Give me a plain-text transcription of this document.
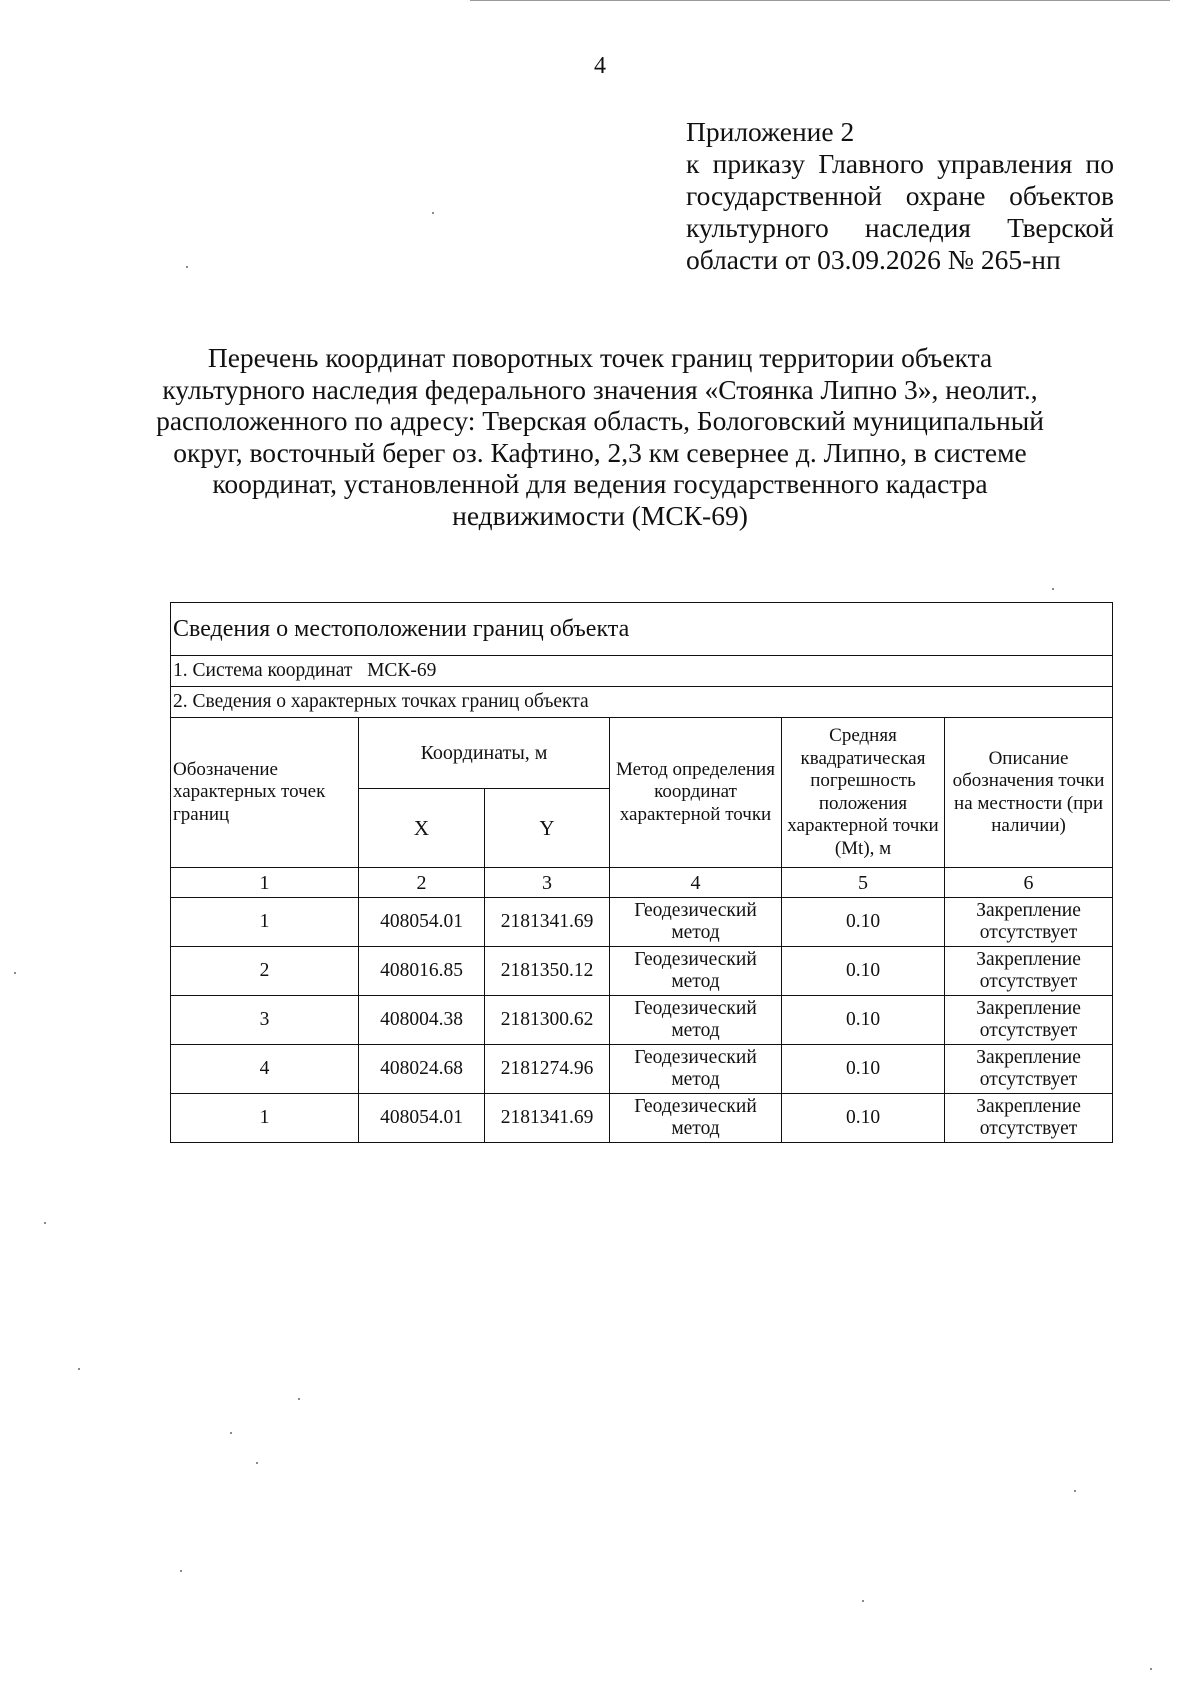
4
Приложение 2
к приказу Главного управления по
государственной охране объектов
культурного наследия Тверской
области от 03.09.2026 № 265-нп
Перечень координат поворотных точек границ территории объекта
культурного наследия федерального значения «Стоянка Липно 3», неолит.,
расположенного по адресу: Тверская область, Бологовский муниципальный
округ, восточный берег оз. Кафтино, 2,3 км севернее д. Липно, в системе
координат, установленной для ведения государственного кадастра
недвижимости (МСК-69)
Сведения о местоположении границ объекта					
1. Система координат   МСК-69					
2. Сведения о характерных точках границ объекта					
Обозначение характерных точек границ	Координаты, м		Метод определения координат характерной точки	Средняя квадратическая погрешность положения характерной точки (Mt), м	Описание обозначения точки на местности (при наличии)
	X	Y			
1	2	3	4	5	6
1	408054.01	2181341.69	Геодезический метод	0.10	Закрепление отсутствует
2	408016.85	2181350.12	Геодезический метод	0.10	Закрепление отсутствует
3	408004.38	2181300.62	Геодезический метод	0.10	Закрепление отсутствует
4	408024.68	2181274.96	Геодезический метод	0.10	Закрепление отсутствует
1	408054.01	2181341.69	Геодезический метод	0.10	Закрепление отсутствует
